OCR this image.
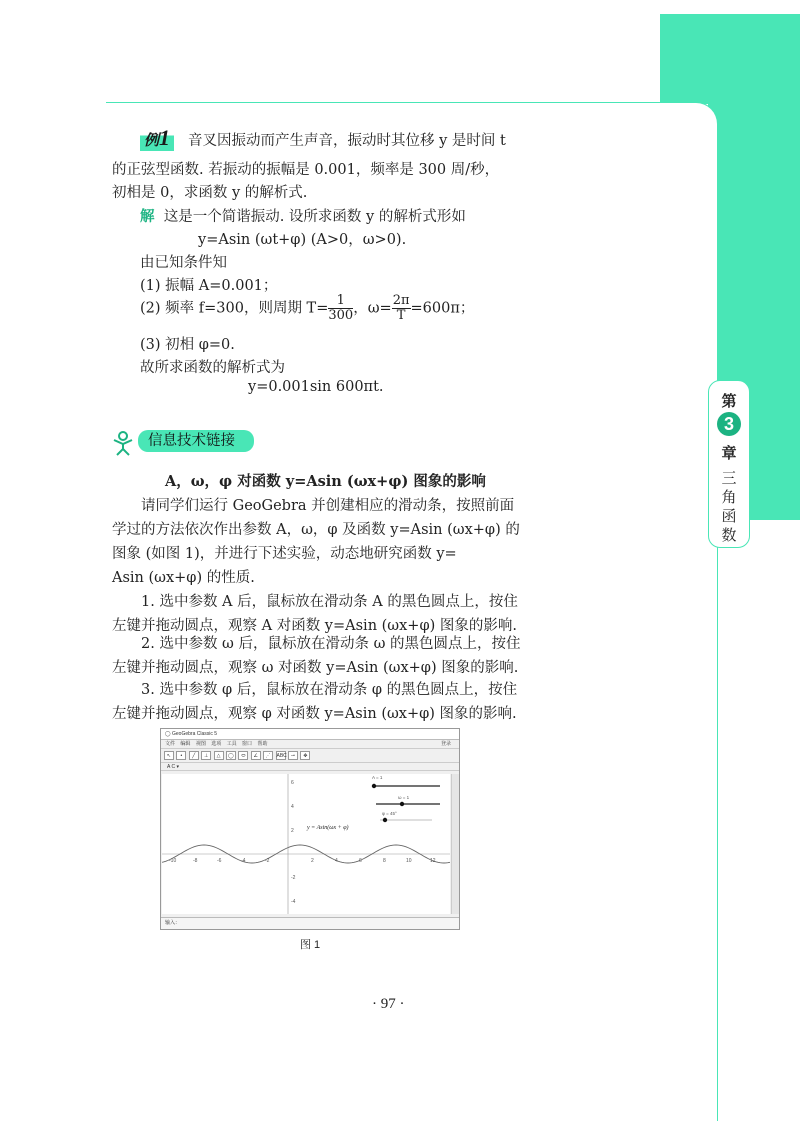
第
3
章
三
角
函
数
例1 音叉因振动而产生声音，振动时其位移 y 是时间 t
的正弦型函数. 若振动的振幅是 0.001，频率是 300 周/秒，
初相是 0，求函数 y 的解析式.
解 这是一个简谐振动. 设所求函数 y 的解析式形如
y=Asin (ωt+φ) (A>0，ω>0).
由已知条件知
(1) 振幅 A=0.001；
(2) 频率 f=300，则周期 $T= \frac{1}{300}$ ，$\omega= \frac{2\pi}{T} =600\pi$；
(3) 初相 φ=0.
故所求函数的解析式为
y=0.001sin 600πt.
信息技术链接
A，ω，φ 对函数 y=Asin (ωx+φ) 图象的影响
请同学们运行 GeoGebra 并创建相应的滑动条，按照前面
学过的方法依次作出参数 A，ω，φ 及函数 y=Asin (ωx+φ) 的
图象 (如图 1)，并进行下述实验，动态地研究函数 y=
Asin (ωx+φ) 的性质.
1. 选中参数 A 后，鼠标放在滑动条 A 的黑色圆点上，按住
左键并拖动圆点，观察 A 对函数 y=Asin (ωx+φ) 图象的影响.
2. 选中参数 ω 后，鼠标放在滑动条 ω 的黑色圆点上，按住
左键并拖动圆点，观察 ω 对函数 y=Asin (ωx+φ) 图象的影响.
3. 选中参数 φ 后，鼠标放在滑动条 φ 的黑色圆点上，按住
左键并拖动圆点，观察 φ 对函数 y=Asin (ωx+φ) 图象的影响.
◯ GeoGebra Classic 5
文件 编辑 视图 选项 工具 窗口 帮助	登录
↖ • ╱ ⊥ △ ◯ ⬭ ∠ ⋰ ABC ⊸ ✥
A C ▾
-10	-8	-6	-4	-2	2	4	6	8	10	12
6
4
2
-2
-4
y = Asin(ωx + φ)
A = 1
ω = 1
φ = 45°
输入：
图 1
· 97 ·
